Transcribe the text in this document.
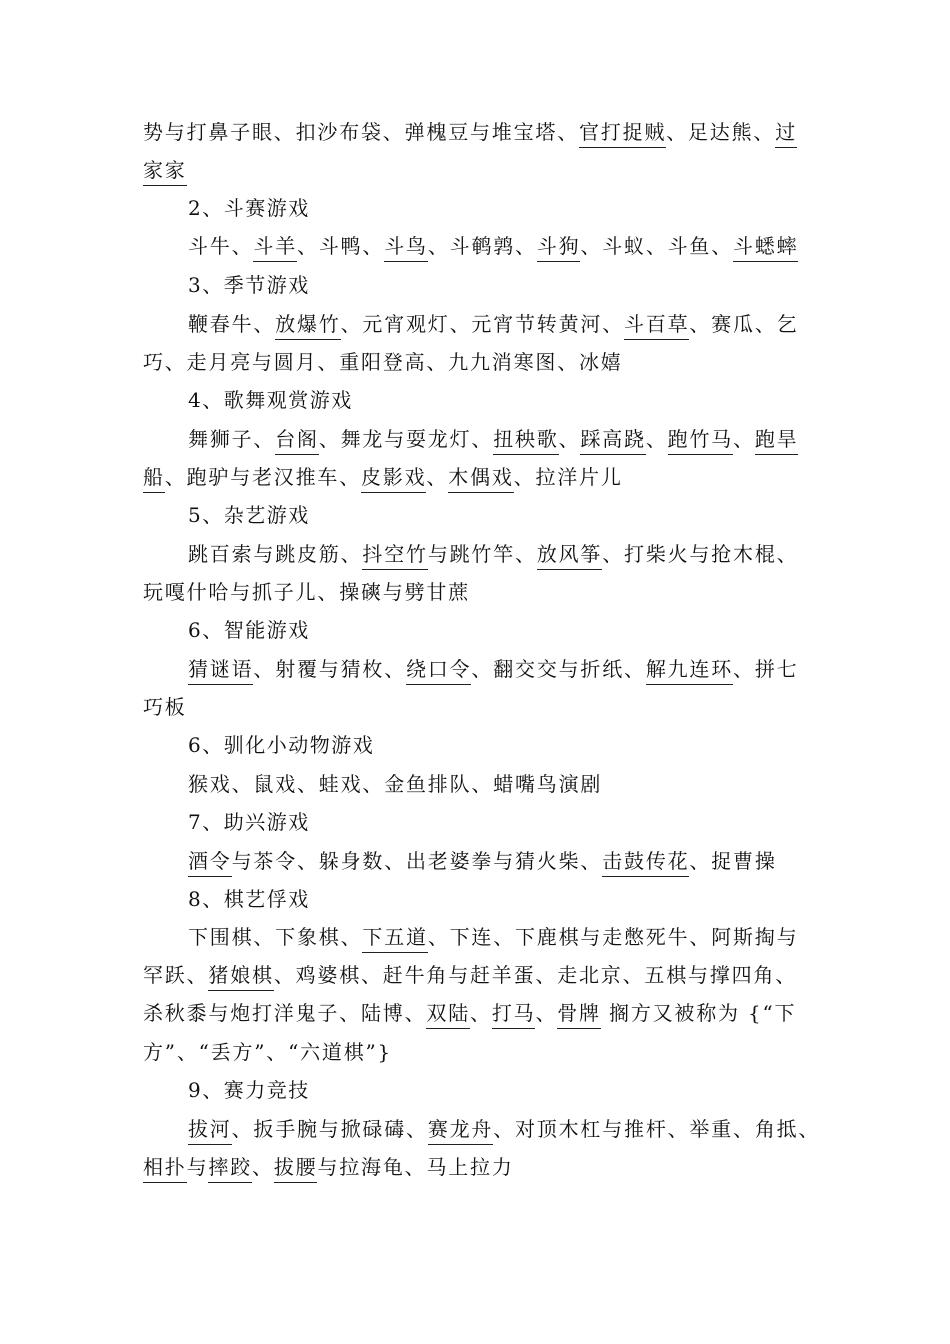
势与打鼻子眼、扣沙布袋、弹槐豆与堆宝塔、官打捉贼、足达熊、过
家家
2、斗赛游戏
斗牛、斗羊、斗鸭、斗鸟、斗鹌鹑、斗狗、斗蚁、斗鱼、斗蟋蟀
3、季节游戏
鞭春牛、放爆竹、元宵观灯、元宵节转黄河、斗百草、赛瓜、乞
巧、走月亮与圆月、重阳登高、九九消寒图、冰嬉
4、歌舞观赏游戏
舞狮子、台阁、舞龙与耍龙灯、扭秧歌、踩高跷、跑竹马、跑旱
船、跑驴与老汉推车、皮影戏、木偶戏、拉洋片儿
5、杂艺游戏
跳百索与跳皮筋、抖空竹与跳竹竿、放风筝、打柴火与抢木棍、
玩嘎什哈与抓子儿、操磢与劈甘蔗
6、智能游戏
猜谜语、射覆与猜枚、绕口令、翻交交与折纸、解九连环、拼七
巧板
6、驯化小动物游戏
猴戏、鼠戏、蛙戏、金鱼排队、蜡嘴鸟演剧
7、助兴游戏
酒令与茶令、躲身数、出老婆拳与猜火柴、击鼓传花、捉曹操
8、棋艺俘戏
下围棋、下象棋、下五道、下连、下鹿棋与走憋死牛、阿斯掏与
罕跃、猪娘棋、鸡婆棋、赶牛角与赶羊蛋、走北京、五棋与撑四角、
杀秋黍与炮打洋鬼子、陆博、双陆、打马、骨牌 搁方又被称为 {“下
方”、“丢方”、“六道棋”}
9、赛力竞技
拔河、扳手腕与掀碌碡、赛龙舟、对顶木杠与推杆、举重、角抵、
相扑与摔跤、拔腰与拉海龟、马上拉力
